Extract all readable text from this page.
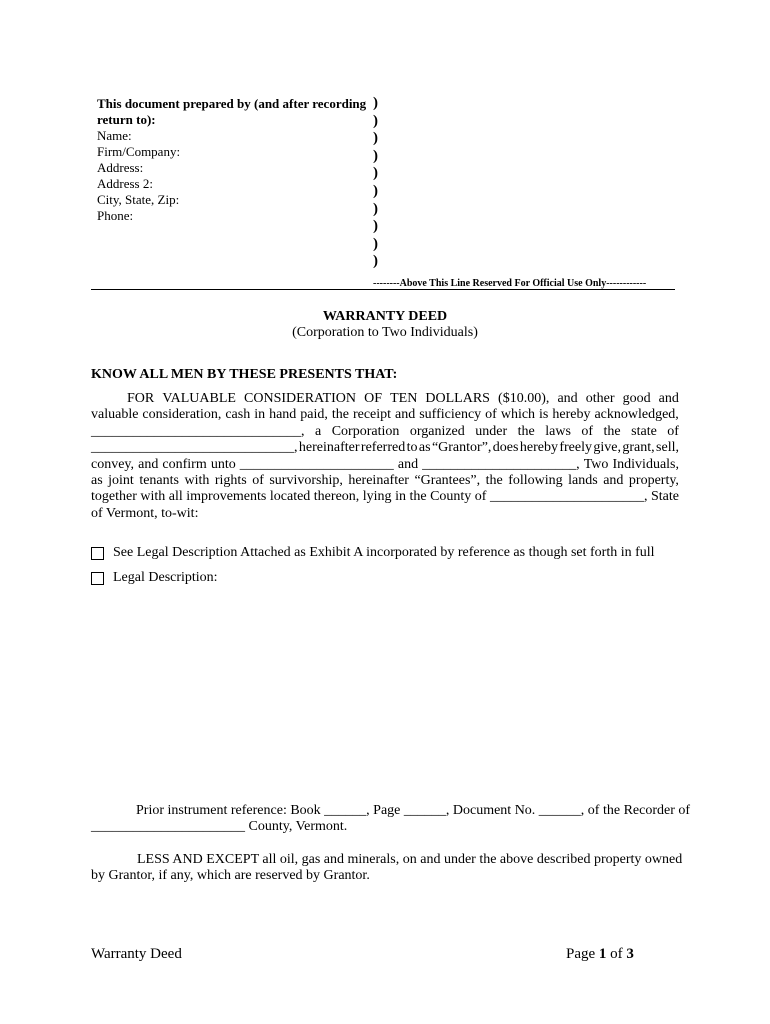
This document prepared by (and after recording
return to):
Name:
Firm/Company:
Address:
Address 2:
City, State, Zip:
Phone:
)
)
)
)
)
)
)
)
)
)
--------Above This Line Reserved For Official Use Only------------
WARRANTY DEED
(Corporation to Two Individuals)
KNOW ALL MEN BY THESE PRESENTS THAT:
FOR VALUABLE CONSIDERATION OF TEN DOLLARS ($10.00), and other good and
valuable consideration, cash in hand paid, the receipt and sufficiency of which is hereby acknowledged,
______________________________, a Corporation organized under the laws of the state of
_____________________________, hereinafter referred to as “Grantor”, does hereby freely give, grant, sell,
convey, and confirm unto ______________________ and ______________________, Two Individuals,
as joint tenants with rights of survivorship, hereinafter “Grantees”, the following lands and property,
together with all improvements located thereon, lying in the County of ______________________, State
of Vermont, to-wit:
See Legal Description Attached as Exhibit A incorporated by reference as though set forth in full
Legal Description:
Prior instrument reference: Book ______, Page ______, Document No. ______, of the Recorder of
______________________ County, Vermont.
LESS AND EXCEPT all oil, gas and minerals, on and under the above described property owned
by Grantor, if any, which are reserved by Grantor.
Warranty Deed	Page 1 of 3
